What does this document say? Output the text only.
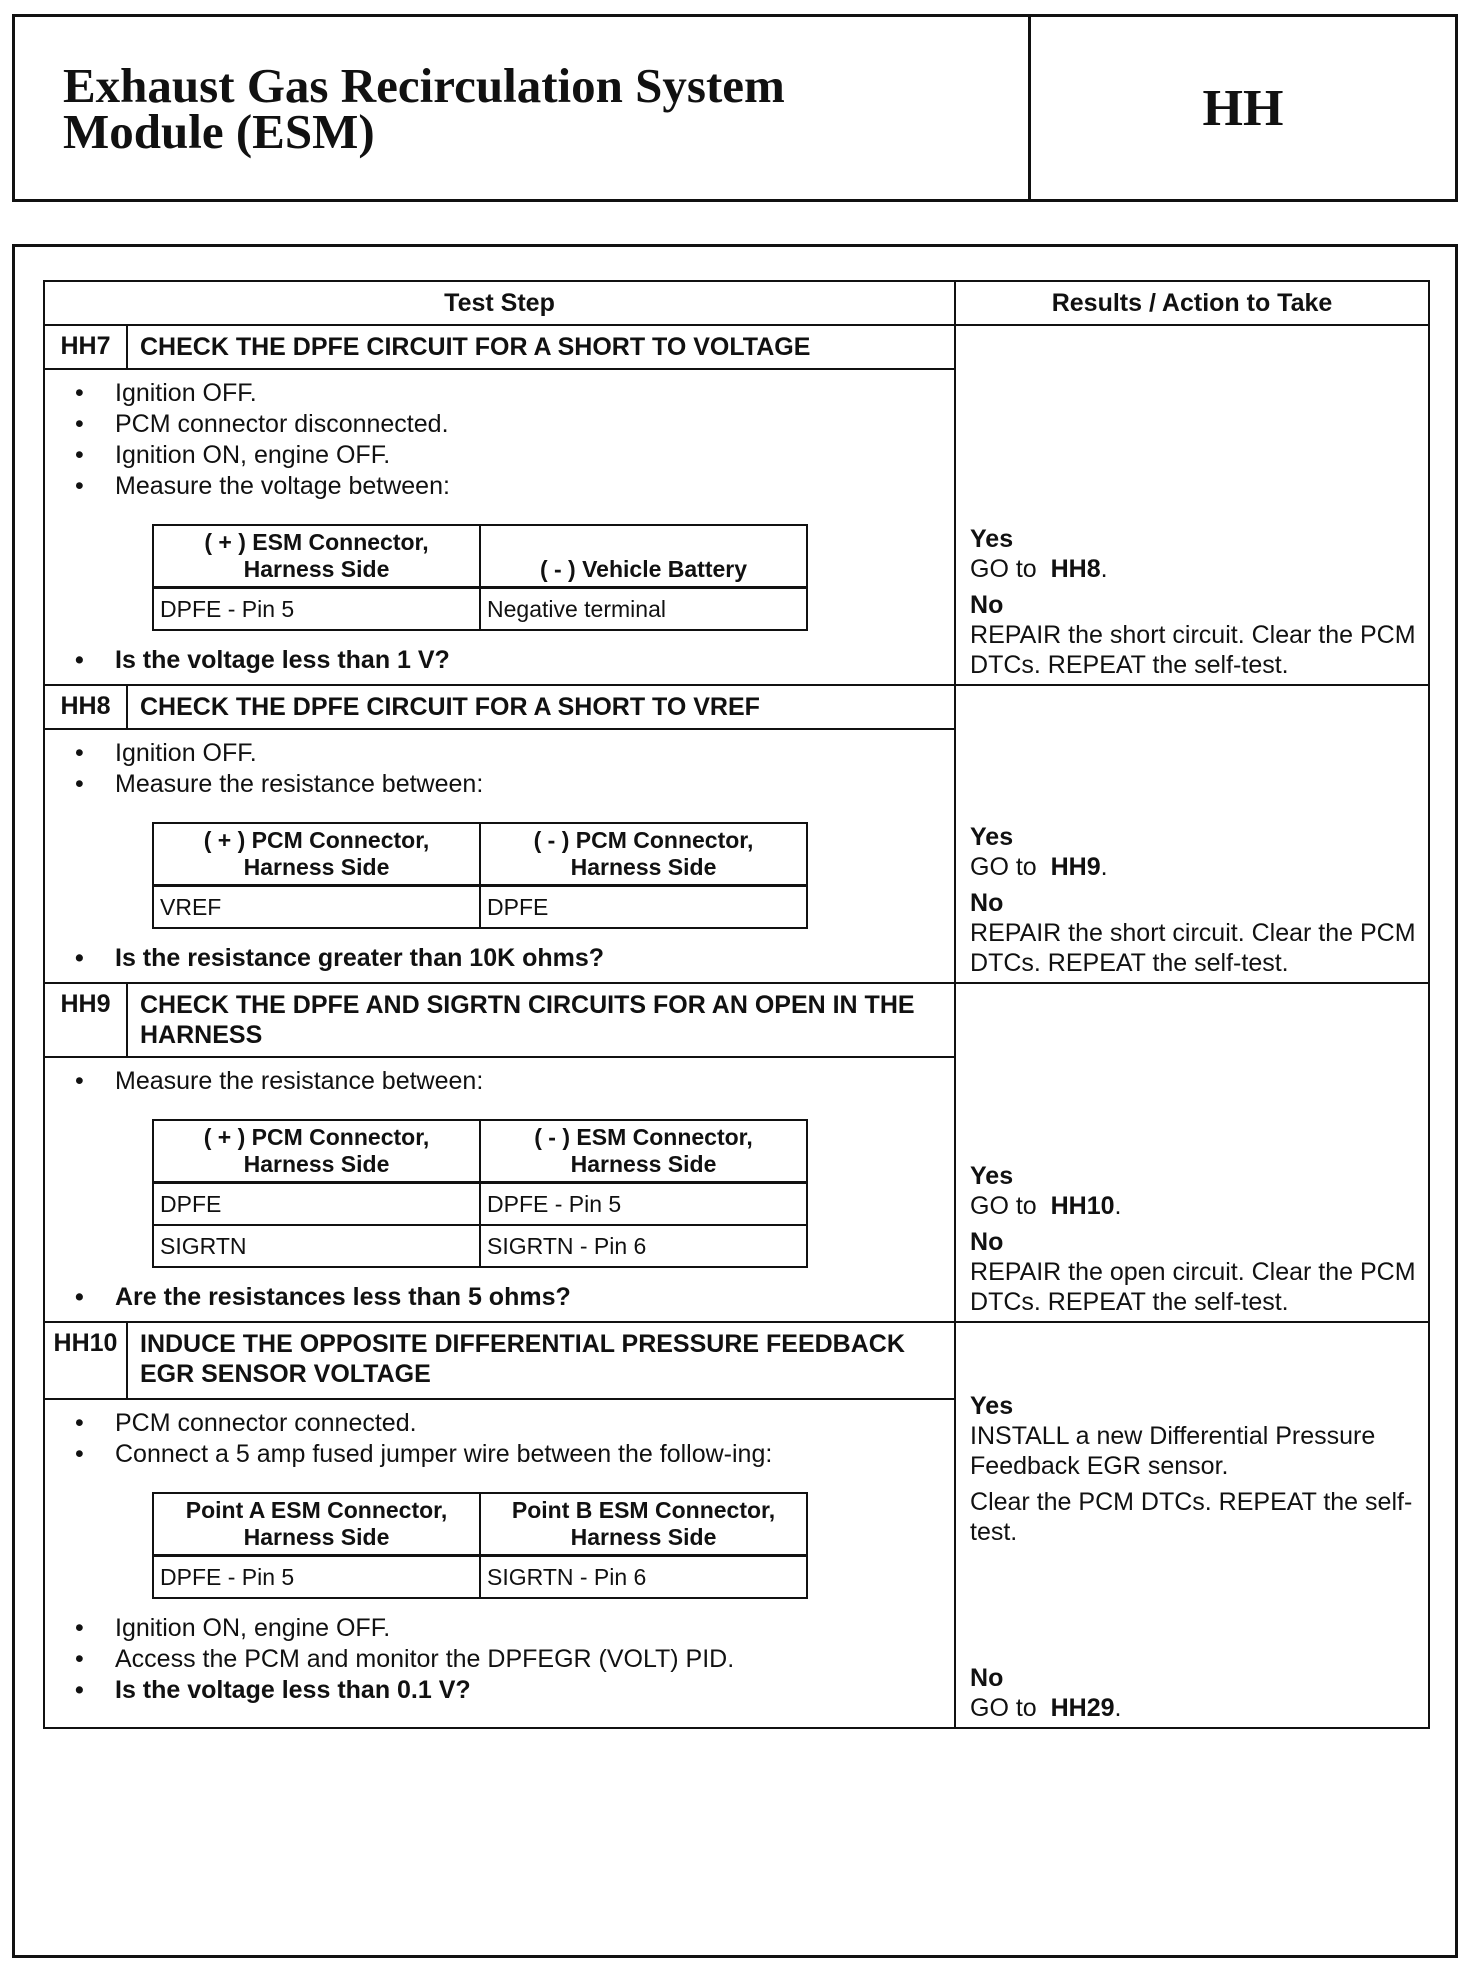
Exhaust Gas Recirculation System
Module (ESM)	HH
Test Step	Results / Action to Take
HH7	CHECK THE DPFE CIRCUIT FOR A SHORT TO VOLTAGE	
Yes
GO to HH8.
No
REPAIR the short circuit. Clear the PCM DTCs. REPEAT the self-test.

• Ignition OFF.
• PCM connector disconnected.
• Ignition ON, engine OFF.
• Measure the voltage between:
( + ) ESM Connector, Harness Side	( - ) Vehicle Battery
DPFE - Pin 5	Negative terminal
• Is the voltage less than 1 V?

HH8	CHECK THE DPFE CIRCUIT FOR A SHORT TO VREF	
Yes
GO to HH9.
No
REPAIR the short circuit. Clear the PCM DTCs. REPEAT the self-test.

• Ignition OFF.
• Measure the resistance between:
( + ) PCM Connector, Harness Side	( - ) PCM Connector, Harness Side
VREF	DPFE
• Is the resistance greater than 10K ohms?

HH9	CHECK THE DPFE AND SIGRTN CIRCUITS FOR AN OPEN IN THE HARNESS	
Yes
GO to HH10.
No
REPAIR the open circuit. Clear the PCM DTCs. REPEAT the self-test.

• Measure the resistance between:
( + ) PCM Connector, Harness Side	( - ) ESM Connector, Harness Side
DPFE	DPFE - Pin 5
SIGRTN	SIGRTN - Pin 6
• Are the resistances less than 5 ohms?

HH10	INDUCE THE OPPOSITE DIFFERENTIAL PRESSURE FEEDBACK EGR SENSOR VOLTAGE	
Yes
INSTALL a new Differential Pressure Feedback EGR sensor.
Clear the PCM DTCs. REPEAT the self-test.
No
GO to HH29.

• PCM connector connected.
• Connect a 5 amp fused jumper wire between the follow-ing:
Point A ESM Connector, Harness Side	Point B ESM Connector, Harness Side
DPFE - Pin 5	SIGRTN - Pin 6
• Ignition ON, engine OFF.
• Access the PCM and monitor the DPFEGR (VOLT) PID.
• Is the voltage less than 0.1 V?
